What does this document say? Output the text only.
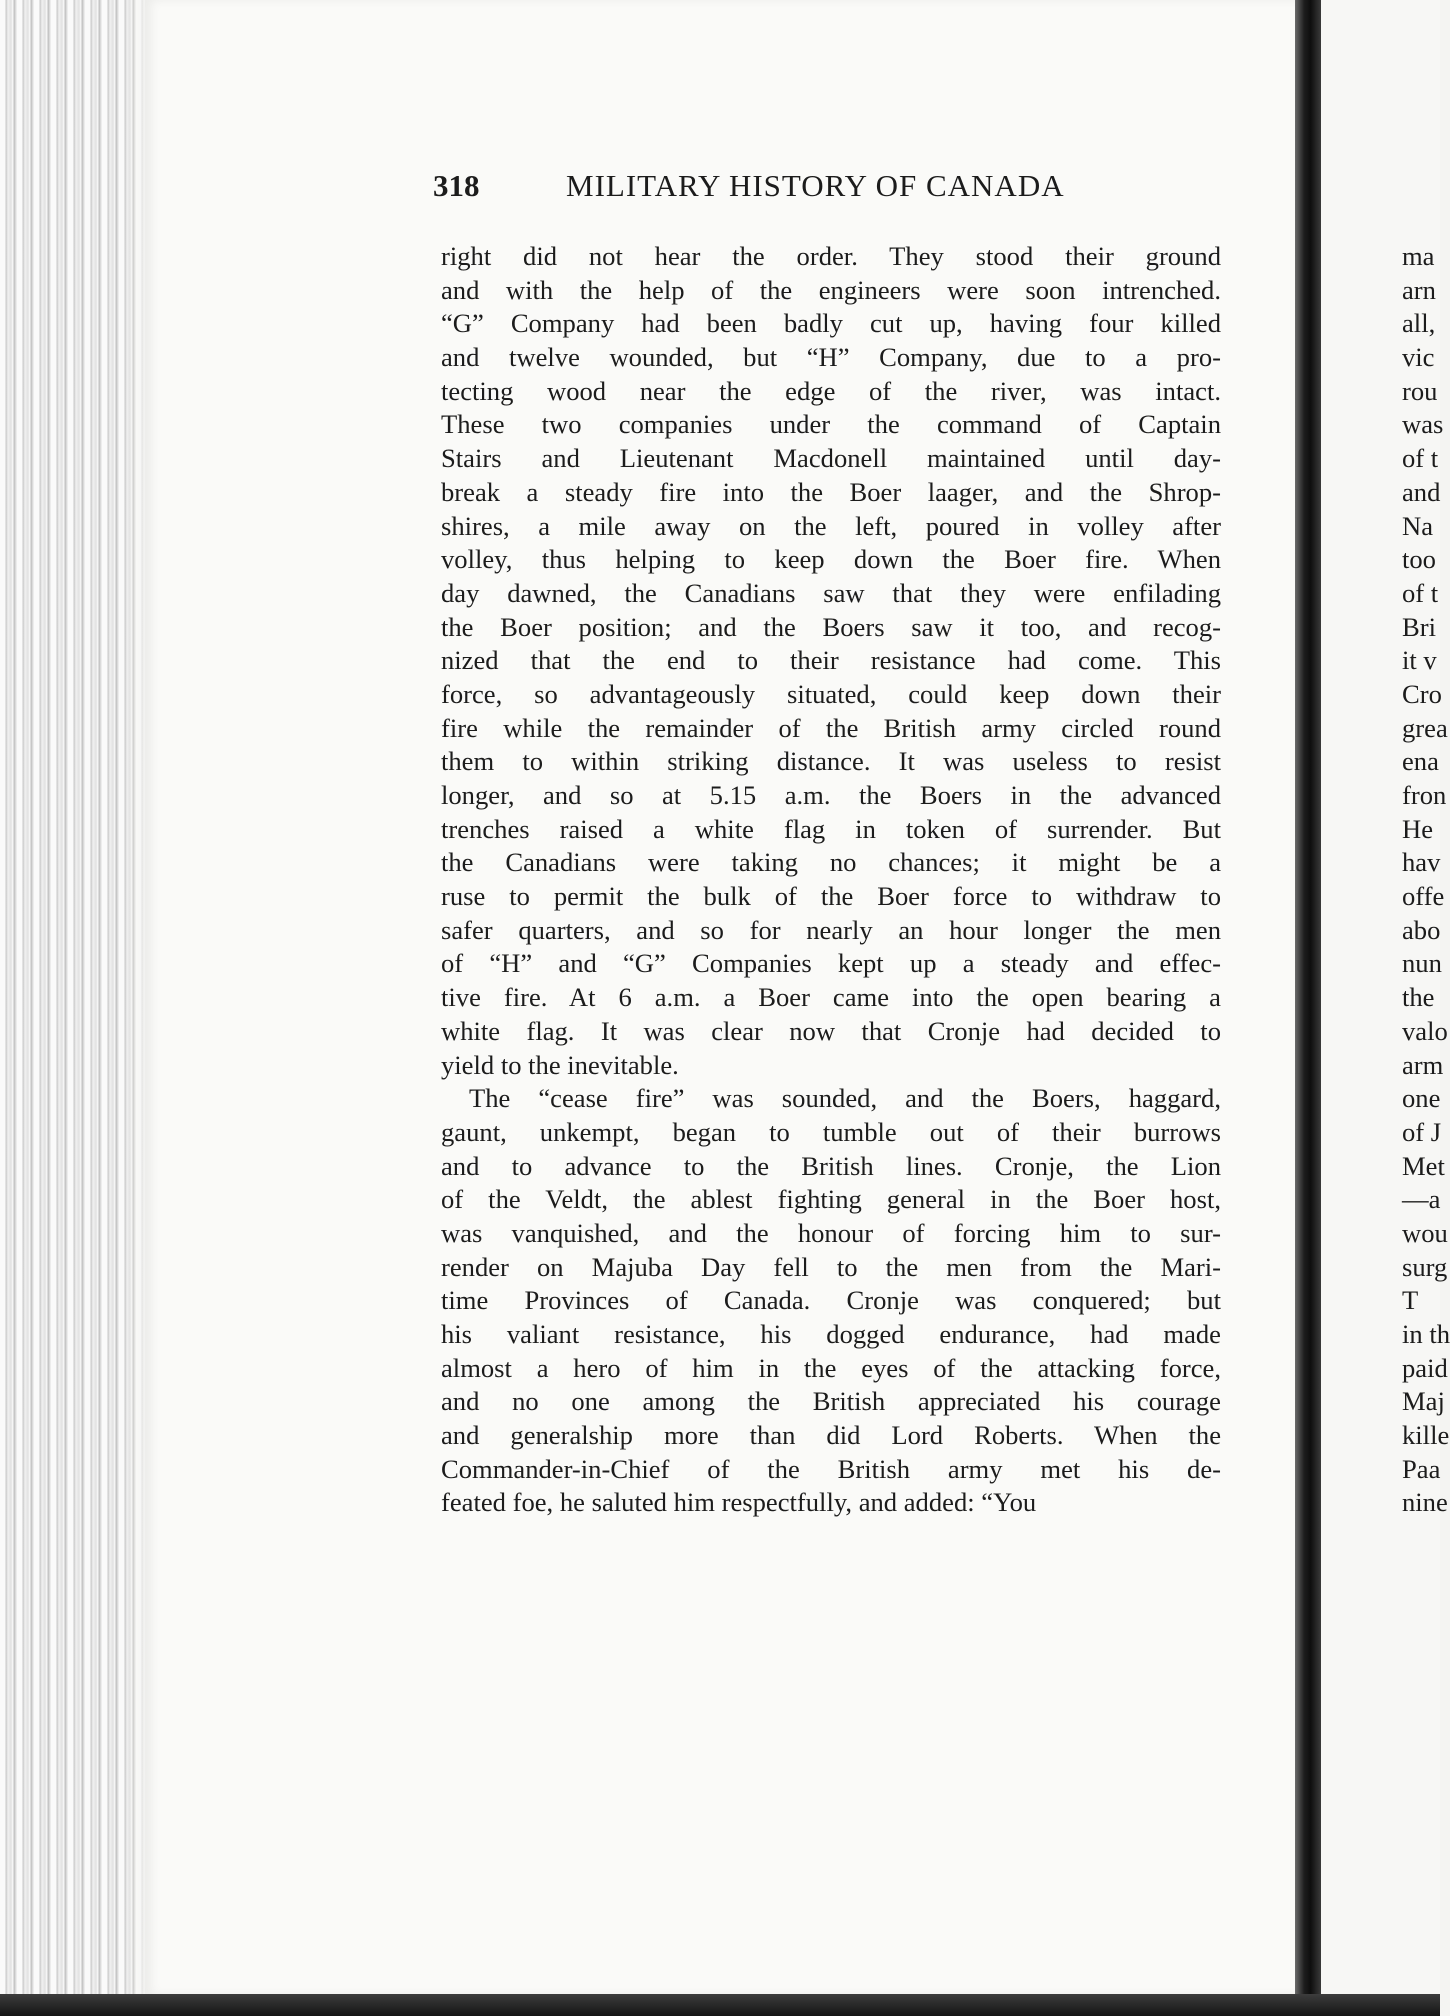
318	MILITARY HISTORY OF CANADA
right did not hear the order. They stood their ground
and with the help of the engineers were soon intrenched.
“G” Company had been badly cut up, having four killed
and twelve wounded, but “H” Company, due to a pro-
tecting wood near the edge of the river, was intact.
These two companies under the command of Captain
Stairs and Lieutenant Macdonell maintained until day-
break a steady fire into the Boer laager, and the Shrop-
shires, a mile away on the left, poured in volley after
volley, thus helping to keep down the Boer fire. When
day dawned, the Canadians saw that they were enfilading
the Boer position; and the Boers saw it too, and recog-
nized that the end to their resistance had come. This
force, so advantageously situated, could keep down their
fire while the remainder of the British army circled round
them to within striking distance. It was useless to resist
longer, and so at 5.15 a.m. the Boers in the advanced
trenches raised a white flag in token of surrender. But
the Canadians were taking no chances; it might be a
ruse to permit the bulk of the Boer force to withdraw to
safer quarters, and so for nearly an hour longer the men
of “H” and “G” Companies kept up a steady and effec-
tive fire. At 6 a.m. a Boer came into the open bearing a
white flag. It was clear now that Cronje had decided to
yield to the inevitable.
The “cease fire” was sounded, and the Boers, haggard,
gaunt, unkempt, began to tumble out of their burrows
and to advance to the British lines. Cronje, the Lion
of the Veldt, the ablest fighting general in the Boer host,
was vanquished, and the honour of forcing him to sur-
render on Majuba Day fell to the men from the Mari-
time Provinces of Canada. Cronje was conquered; but
his valiant resistance, his dogged endurance, had made
almost a hero of him in the eyes of the attacking force,
and no one among the British appreciated his courage
and generalship more than did Lord Roberts. When the
Commander-in-Chief of the British army met his de-
feated foe, he saluted him respectfully, and added: “You
ma
arn
all,
vic
rou
was
of t
and
Na
too
of t
Bri
it v
Cro
grea
ena
fron
He
hav
offe
abo
nun
the
valo
arm
one
of J
Met
—a
wou
surg
T
in th
paid
Maj
kille
Paa
nine
